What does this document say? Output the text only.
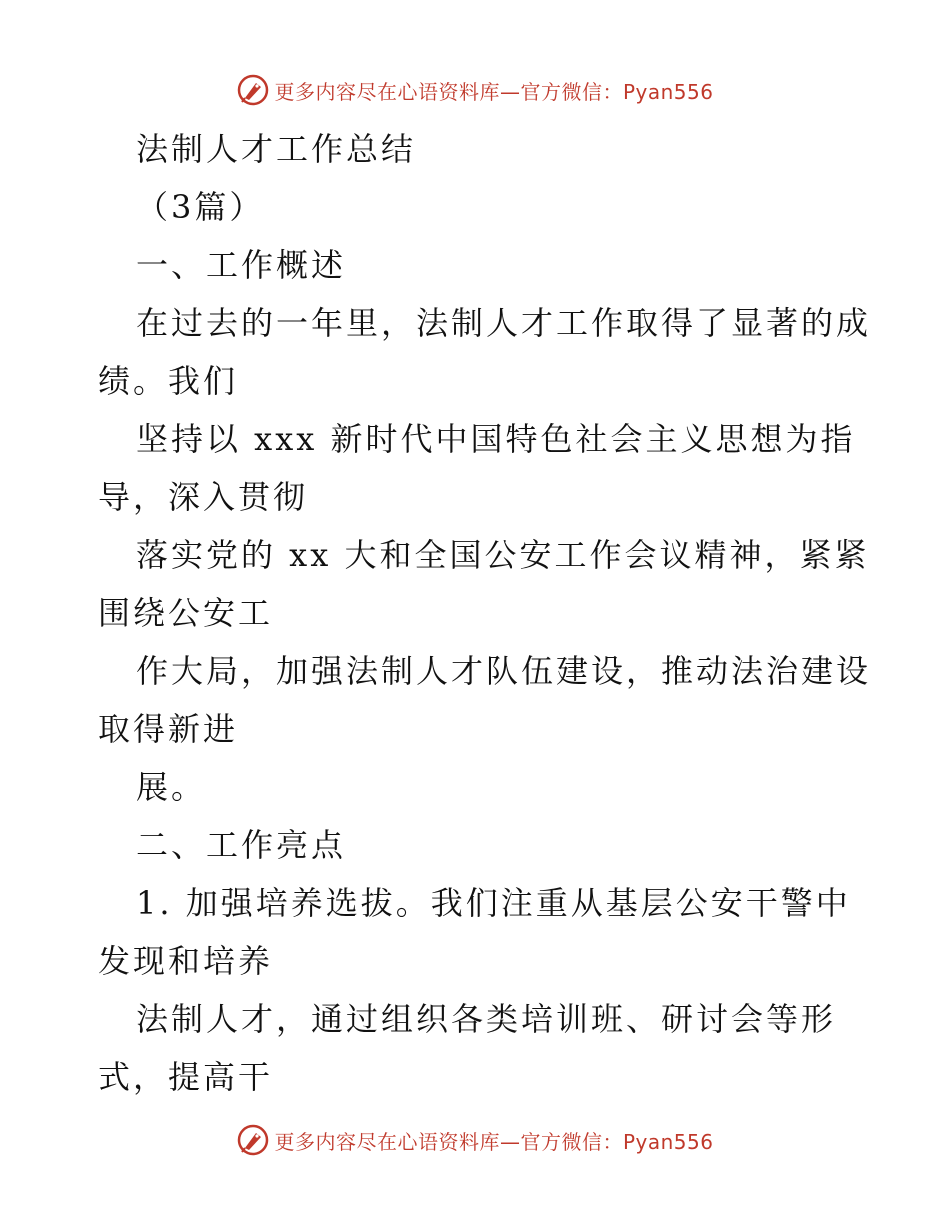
更多内容尽在心语资料库—官方微信：Pyan556
法制人才工作总结
（3篇）
一、工作概述
在过去的一年里，法制人才工作取得了显著的成
绩。我们
坚持以 xxx 新时代中国特色社会主义思想为指
导，深入贯彻
落实党的 xx 大和全国公安工作会议精神，紧紧
围绕公安工
作大局，加强法制人才队伍建设，推动法治建设
取得新进
展。
二、工作亮点
1. 加强培养选拔。我们注重从基层公安干警中
发现和培养
法制人才，通过组织各类培训班、研讨会等形
式，提高干
更多内容尽在心语资料库—官方微信：Pyan556
